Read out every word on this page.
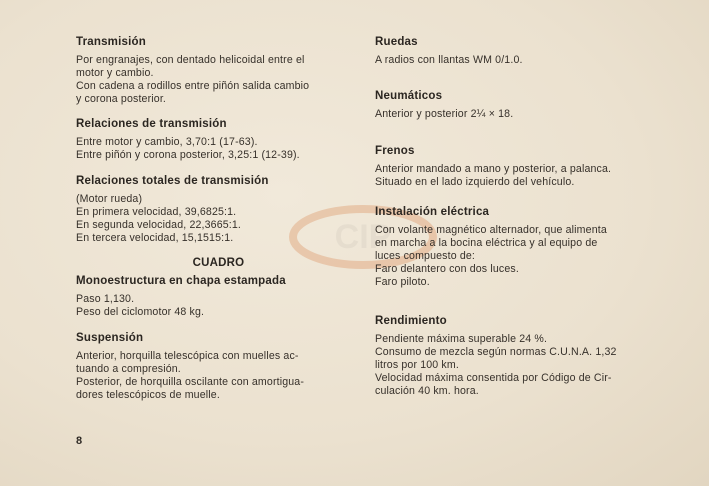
CIP
Transmisión

Por engranajes, con dentado helicoidal entre el

motor y cambio.

Con cadena a rodillos entre piñón salida cambio

y corona posterior.

Relaciones de transmisión

Entre motor y cambio, 3,70:1 (17-63).

Entre piñón y corona posterior, 3,25:1 (12-39).

Relaciones totales de transmisión

(Motor rueda)

En primera velocidad, 39,6825:1.

En segunda velocidad, 22,3665:1.

En tercera velocidad, 15,1515:1.

CUADRO
Monoestructura en chapa estampada

Paso 1,130.

Peso del ciclomotor 48 kg.

Suspensión

Anterior, horquilla telescópica con muelles ac-

tuando a compresión.

Posterior, de horquilla oscilante con amortigua-

dores telescópicos de muelle.

Ruedas

A radios con llantas WM 0/1.0.

Neumáticos

Anterior y posterior 2¼ × 18.

Frenos

Anterior mandado a mano y posterior, a palanca.

Situado en el lado izquierdo del vehículo.

Instalación eléctrica

Con volante magnético alternador, que alimenta

en marcha a la bocina eléctrica y al equipo de

luces compuesto de:

Faro delantero con dos luces.

Faro piloto.

Rendimiento

Pendiente máxima superable 24 %.

Consumo de mezcla según normas C.U.N.A. 1,32

litros por 100 km.

Velocidad máxima consentida por Código de Cir-

culación 40 km. hora.

8
